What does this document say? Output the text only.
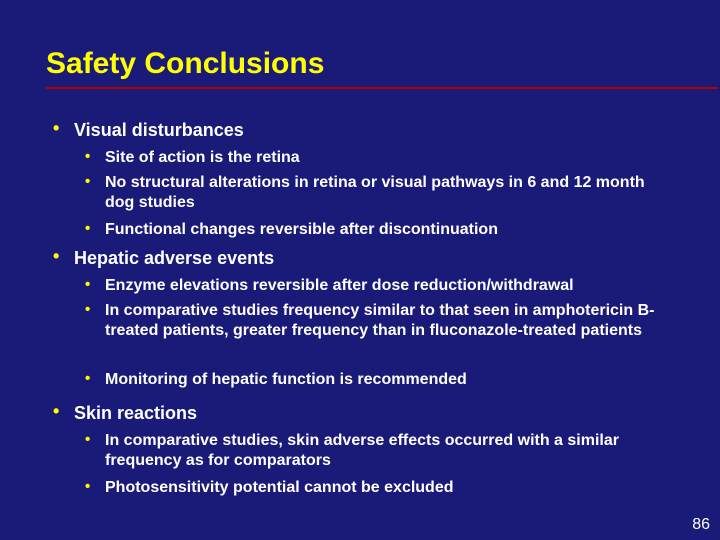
Safety Conclusions
• Visual disturbances
• Site of action is the retina
• No structural alterations in retina or visual pathways in 6 and 12 month dog studies
• Functional changes reversible after discontinuation
• Hepatic adverse events
• Enzyme elevations reversible after dose reduction/withdrawal
• In comparative studies frequency similar to that seen in amphotericin B-treated patients, greater frequency than in fluconazole-treated patients
• Monitoring of hepatic function is recommended
• Skin reactions
• In comparative studies, skin adverse effects occurred with a similar frequency as for comparators
• Photosensitivity potential cannot be excluded
86
